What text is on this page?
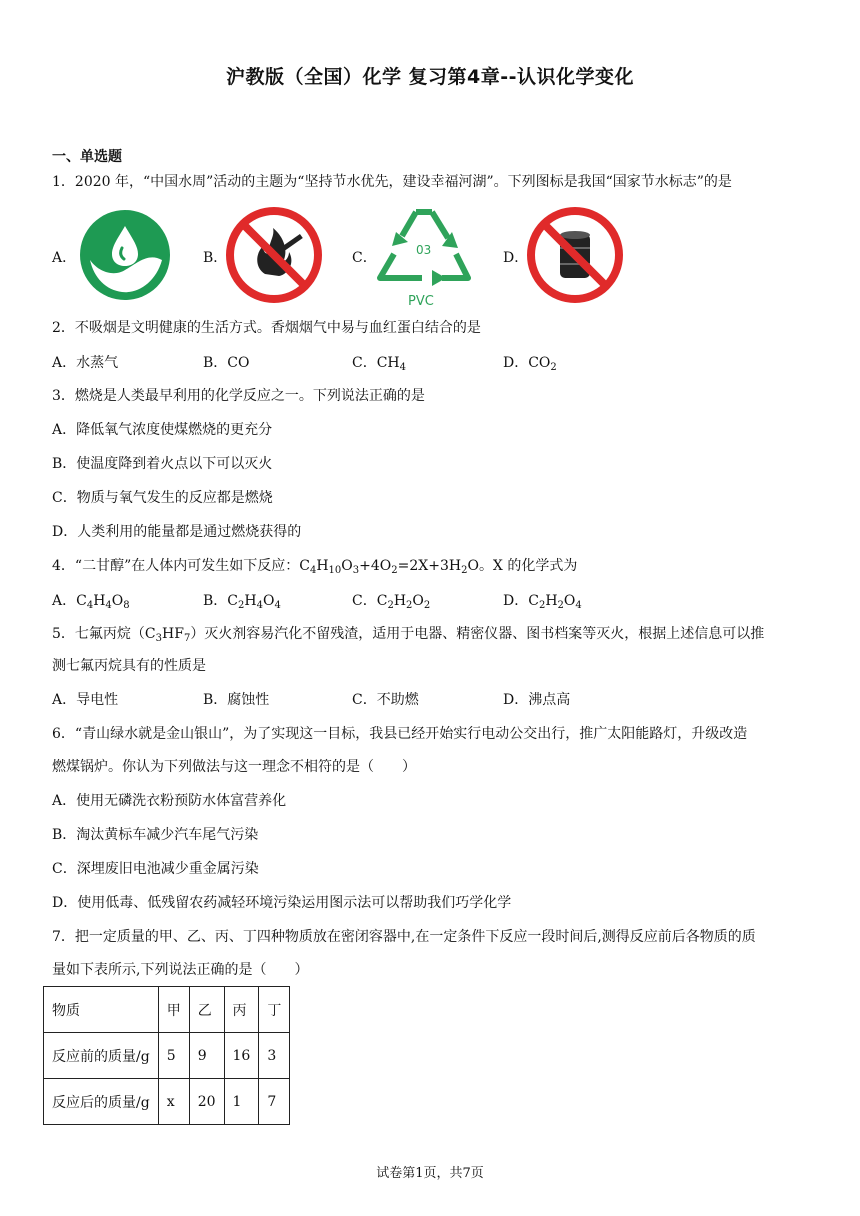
沪教版（全国）化学 复习第4章--认识化学变化
一、单选题
1．2020 年，“中国水周”活动的主题为“坚持节水优先，建设幸福河湖”。下列图标是我国“国家节水标志”的是
A．	B．	C．	03
PVC
D．
2．不吸烟是文明健康的生活方式。香烟烟气中易与血红蛋白结合的是
A．水蒸气	B．CO	C．$CH_4$	D．$CO_2$
3．燃烧是人类最早利用的化学反应之一。下列说法正确的是
A．降低氧气浓度使煤燃烧的更充分
B．使温度降到着火点以下可以灭火
C．物质与氧气发生的反应都是燃烧
D．人类利用的能量都是通过燃烧获得的
4．“二甘醇”在人体内可发生如下反应：$C_4H_{10}O_3+4O_2=2X+3H_2O$。X 的化学式为
A．$C_4H_4O_8$	B．$C_2H_4O_4$	C．$C_2H_2O_2$	D．$C_2H_2O_4$
5．七氟丙烷$(C_3HF_7)$灭火剂容易汽化不留残渣，适用于电器、精密仪器、图书档案等灭火，根据上述信息可以推
测七氟丙烷具有的性质是
A．导电性	B．腐蚀性	C．不助燃	D．沸点高
6．“青山绿水就是金山银山”，为了实现这一目标，我县已经开始实行电动公交出行，推广太阳能路灯，升级改造
燃煤锅炉。你认为下列做法与这一理念不相符的是（　　）
A．使用无磷洗衣粉预防水体富营养化
B．淘汰黄标车减少汽车尾气污染
C．深埋废旧电池减少重金属污染
D．使用低毒、低残留农药减轻环境污染运用图示法可以帮助我们巧学化学
7．把一定质量的甲、乙、丙、丁四种物质放在密闭容器中,在一定条件下反应一段时间后,测得反应前后各物质的质
量如下表所示,下列说法正确的是（　　）
物质	甲	乙	丙	丁
反应前的质量/g	5	9	16	3
反应后的质量/g	x	20	1	7
试卷第1页，共7页
